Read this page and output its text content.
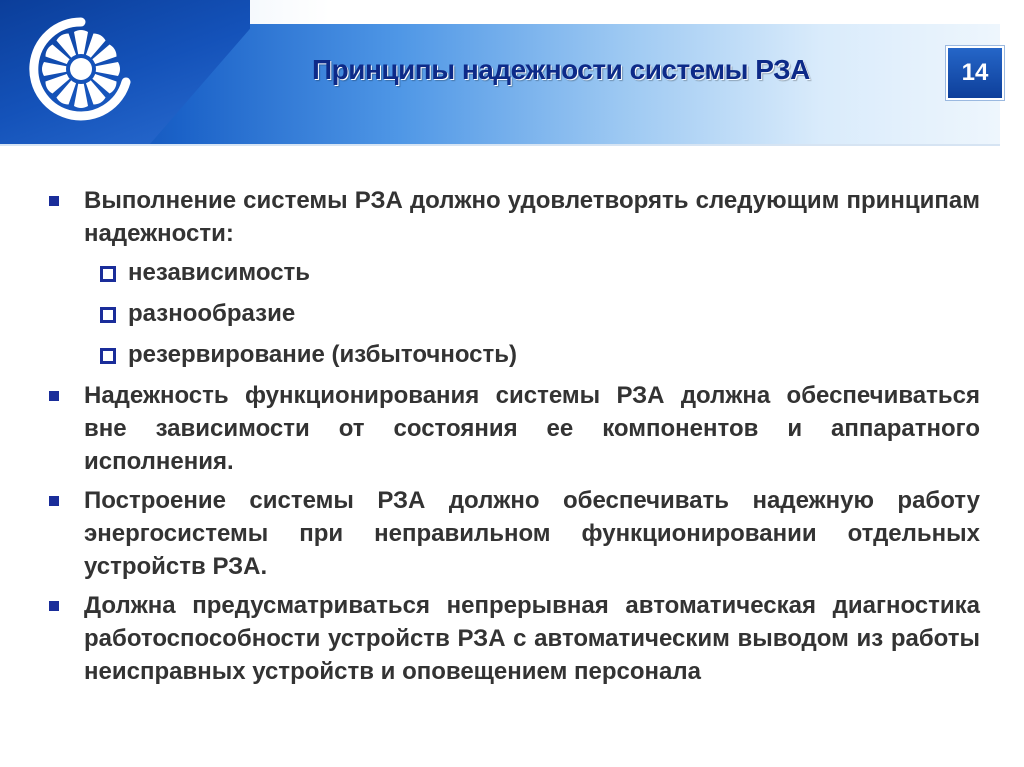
Принципы надежности системы РЗА	14
Выполнение системы РЗА должно удовлетворять следующим принципам надежности:
независимость
разнообразие
резервирование (избыточность)
Надежность функционирования системы РЗА должна обеспечиваться вне зависимости от состояния ее компонентов и аппаратного исполнения.
Построение системы РЗА должно обеспечивать надежную работу энергосистемы при неправильном функционировании отдельных устройств РЗА.
Должна предусматриваться непрерывная автоматическая диагностика работоспособности устройств РЗА с автоматическим выводом из работы неисправных устройств и оповещением персонала
